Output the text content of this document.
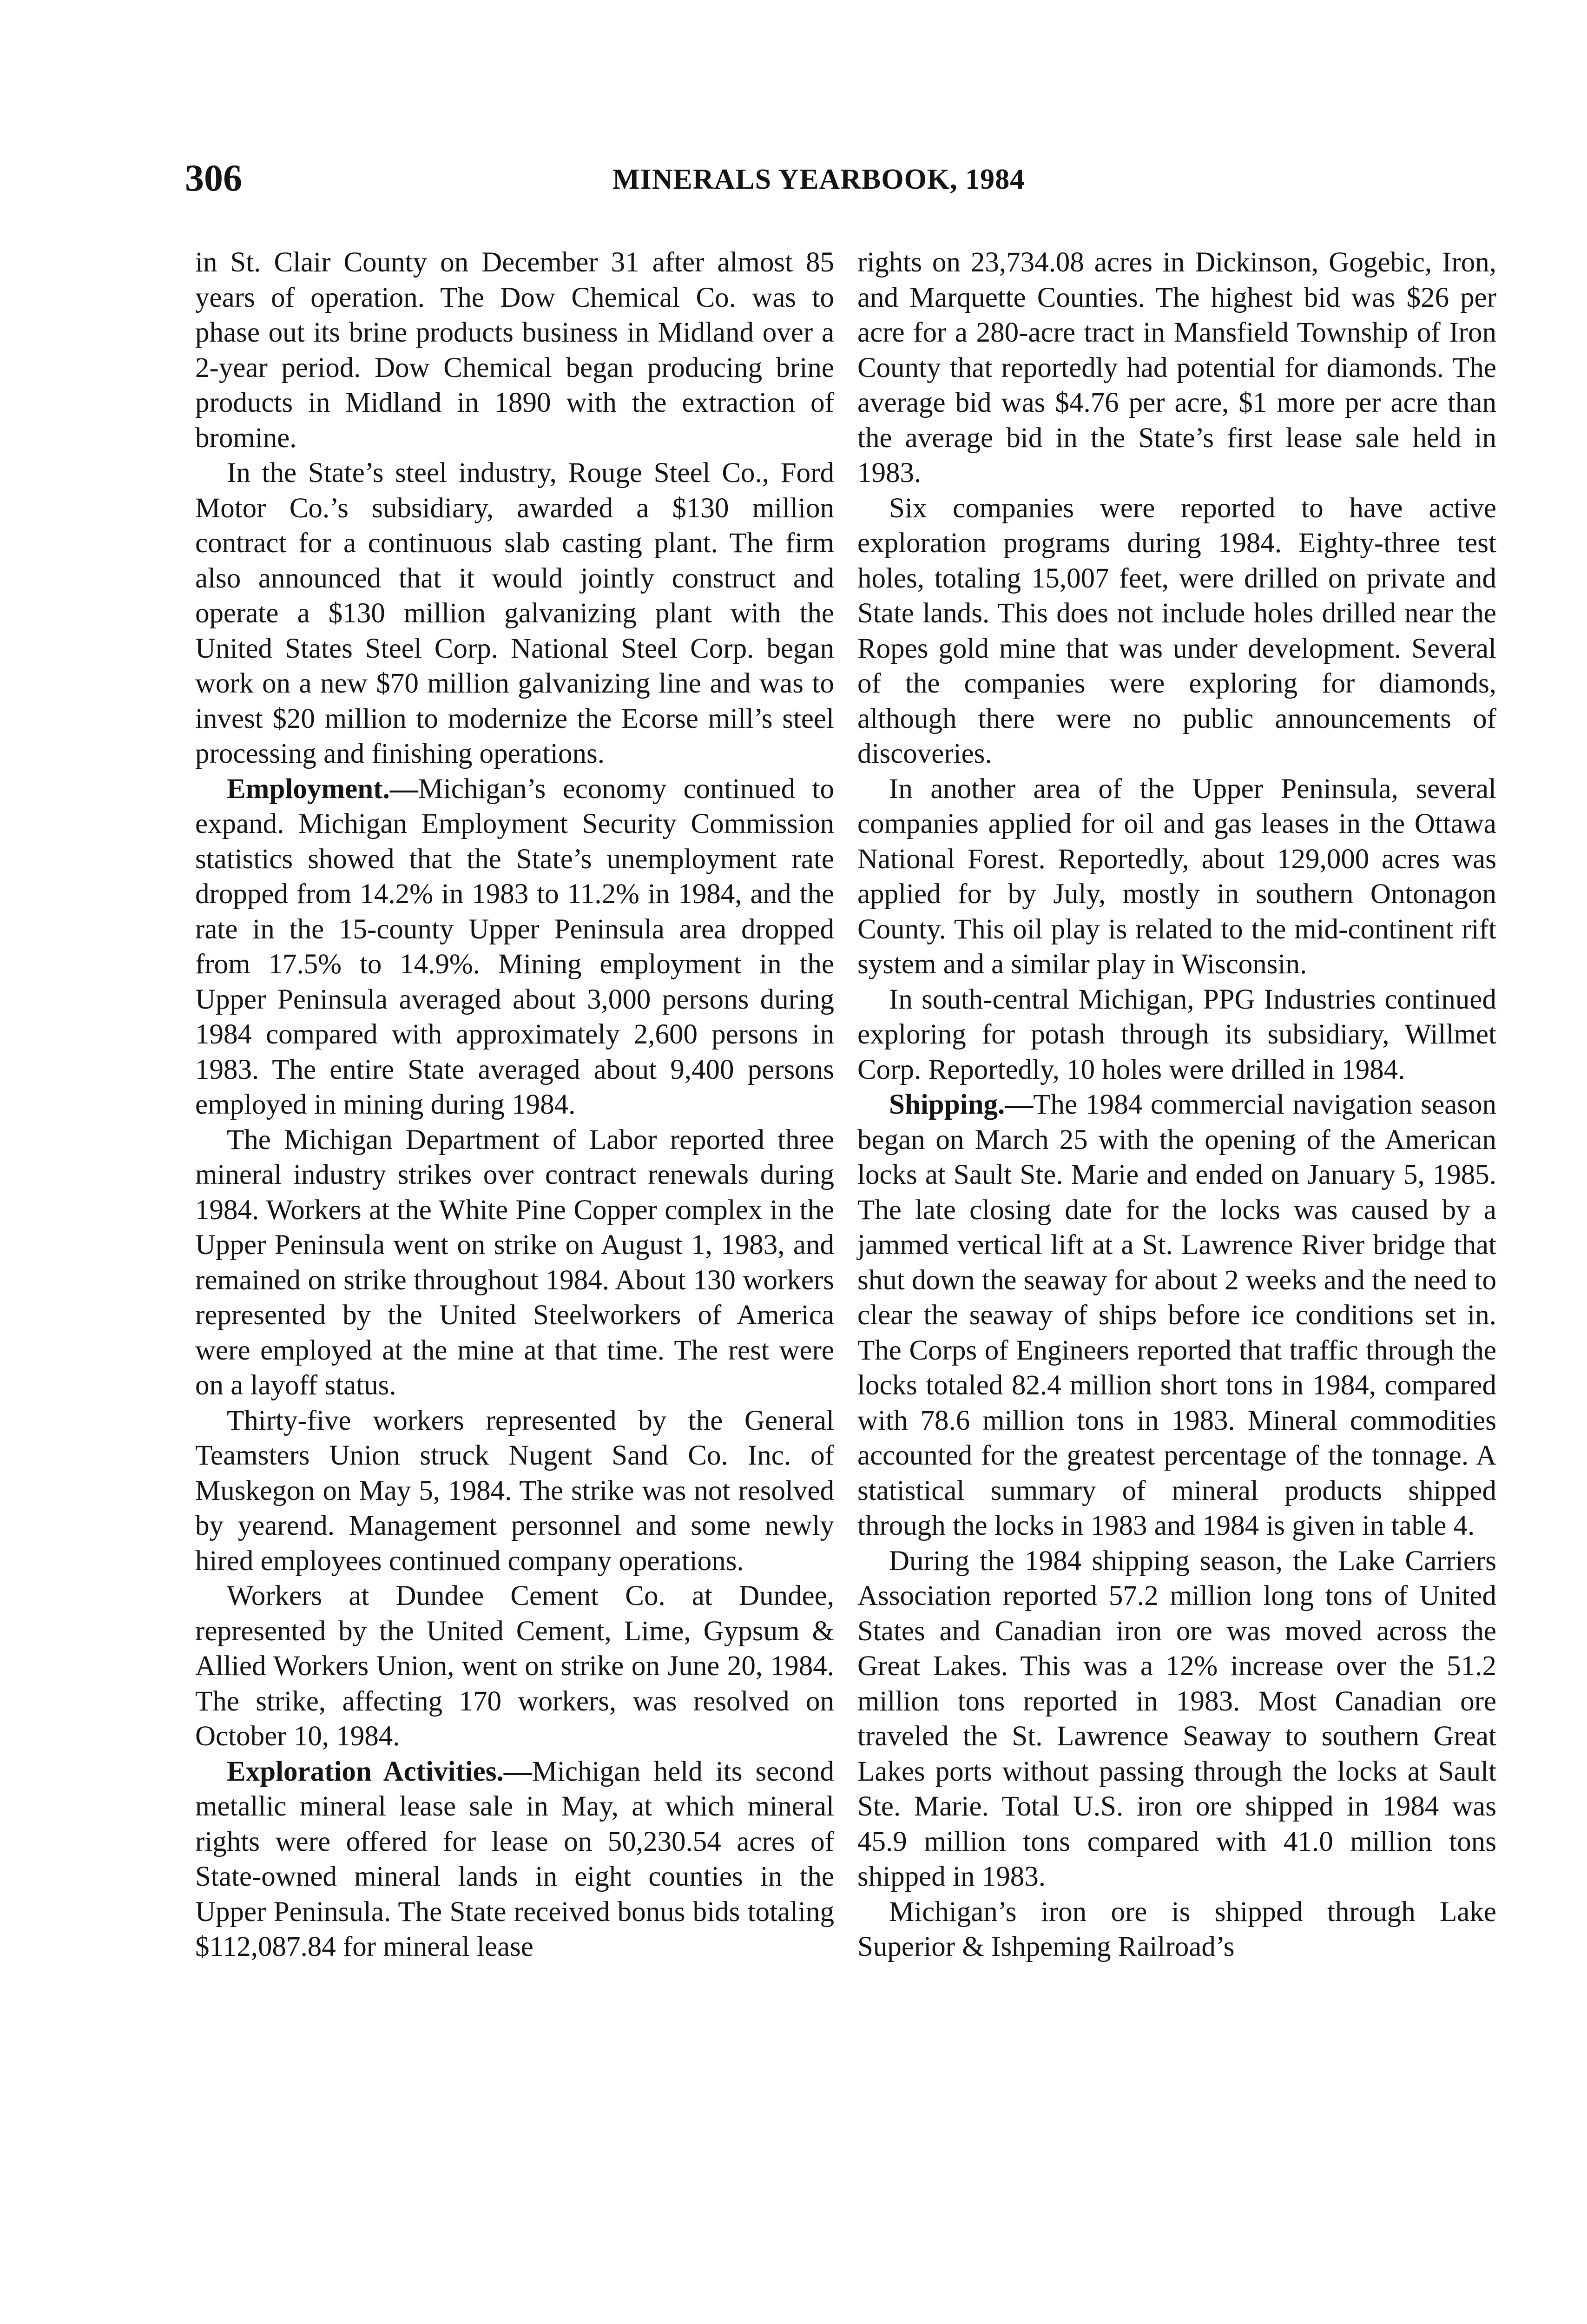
306	MINERALS YEARBOOK, 1984

in St. Clair County on December 31 after almost 85 years of operation. The Dow Chemical Co. was to phase out its brine products business in Midland over a 2-year period. Dow Chemical began producing brine products in Midland in 1890 with the extraction of bromine.

In the State’s steel industry, Rouge Steel Co., Ford Motor Co.’s subsidiary, awarded a $130 million contract for a continuous slab casting plant. The firm also announced that it would jointly construct and operate a $130 million galvanizing plant with the United States Steel Corp. National Steel Corp. began work on a new $70 million galvanizing line and was to invest $20 million to modernize the Ecorse mill’s steel processing and finishing operations.

Employment.—Michigan’s economy continued to expand. Michigan Employment Security Commission statistics showed that the State’s unemployment rate dropped from 14.2% in 1983 to 11.2% in 1984, and the rate in the 15-county Upper Peninsula area dropped from 17.5% to 14.9%. Mining employment in the Upper Peninsula averaged about 3,000 persons during 1984 compared with approximately 2,600 persons in 1983. The entire State averaged about 9,400 persons employed in mining during 1984.

The Michigan Department of Labor reported three mineral industry strikes over contract renewals during 1984. Workers at the White Pine Copper complex in the Upper Peninsula went on strike on August 1, 1983, and remained on strike throughout 1984. About 130 workers represented by the United Steelworkers of America were employed at the mine at that time. The rest were on a layoff status.

Thirty-five workers represented by the General Teamsters Union struck Nugent Sand Co. Inc. of Muskegon on May 5, 1984. The strike was not resolved by yearend. Management personnel and some newly hired employees continued company operations.

Workers at Dundee Cement Co. at Dundee, represented by the United Cement, Lime, Gypsum & Allied Workers Union, went on strike on June 20, 1984. The strike, affecting 170 workers, was resolved on October 10, 1984.

Exploration Activities.—Michigan held its second metallic mineral lease sale in May, at which mineral rights were offered for lease on 50,230.54 acres of State-owned mineral lands in eight counties in the Upper Peninsula. The State received bonus bids totaling $112,087.84 for mineral lease

rights on 23,734.08 acres in Dickinson, Gogebic, Iron, and Marquette Counties. The highest bid was $26 per acre for a 280-acre tract in Mansfield Township of Iron County that reportedly had potential for diamonds. The average bid was $4.76 per acre, $1 more per acre than the average bid in the State’s first lease sale held in 1983.

Six companies were reported to have active exploration programs during 1984. Eighty-three test holes, totaling 15,007 feet, were drilled on private and State lands. This does not include holes drilled near the Ropes gold mine that was under development. Several of the companies were exploring for diamonds, although there were no public announcements of discoveries.

In another area of the Upper Peninsula, several companies applied for oil and gas leases in the Ottawa National Forest. Reportedly, about 129,000 acres was applied for by July, mostly in southern Ontonagon County. This oil play is related to the mid-continent rift system and a similar play in Wisconsin.

In south-central Michigan, PPG Industries continued exploring for potash through its subsidiary, Willmet Corp. Reportedly, 10 holes were drilled in 1984.

Shipping.—The 1984 commercial navigation season began on March 25 with the opening of the American locks at Sault Ste. Marie and ended on January 5, 1985. The late closing date for the locks was caused by a jammed vertical lift at a St. Lawrence River bridge that shut down the seaway for about 2 weeks and the need to clear the seaway of ships before ice conditions set in. The Corps of Engineers reported that traffic through the locks totaled 82.4 million short tons in 1984, compared with 78.6 million tons in 1983. Mineral commodities accounted for the greatest percentage of the tonnage. A statistical summary of mineral products shipped through the locks in 1983 and 1984 is given in table 4.

During the 1984 shipping season, the Lake Carriers Association reported 57.2 million long tons of United States and Canadian iron ore was moved across the Great Lakes. This was a 12% increase over the 51.2 million tons reported in 1983. Most Canadian ore traveled the St. Lawrence Seaway to southern Great Lakes ports without passing through the locks at Sault Ste. Marie. Total U.S. iron ore shipped in 1984 was 45.9 million tons compared with 41.0 million tons shipped in 1983.

Michigan’s iron ore is shipped through Lake Superior & Ishpeming Railroad’s
